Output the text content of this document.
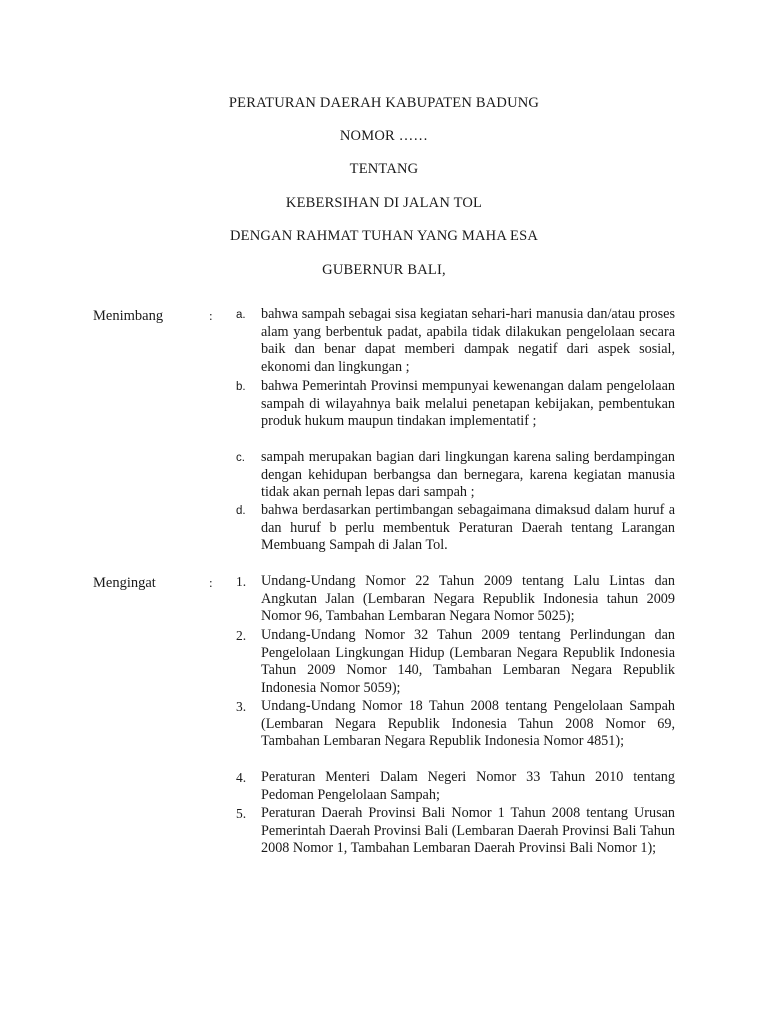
PERATURAN DAERAH KABUPATEN BADUNG
NOMOR ……
TENTANG
KEBERSIHAN DI JALAN TOL
DENGAN RAHMAT TUHAN YANG MAHA ESA
GUBERNUR BALI,
Menimbang	: a. bahwa sampah sebagai sisa kegiatan sehari-hari manusia dan/atau proses alam yang berbentuk padat, apabila tidak dilakukan pengelolaan secara baik dan benar dapat memberi dampak negatif dari aspek sosial, ekonomi dan lingkungan ;
b. bahwa Pemerintah Provinsi mempunyai kewenangan dalam pengelolaan sampah di wilayahnya baik melalui penetapan kebijakan, pembentukan produk hukum maupun tindakan implementatif ;
c. sampah merupakan bagian dari lingkungan karena saling berdampingan dengan kehidupan berbangsa dan bernegara, karena kegiatan manusia tidak akan pernah lepas dari sampah ;
d. bahwa berdasarkan pertimbangan sebagaimana dimaksud dalam huruf a dan huruf b perlu membentuk Peraturan Daerah tentang Larangan Membuang Sampah di Jalan Tol.
Mengingat	: 1. Undang-Undang Nomor 22 Tahun 2009 tentang Lalu Lintas dan Angkutan Jalan (Lembaran Negara Republik Indonesia tahun 2009 Nomor 96, Tambahan Lembaran Negara Nomor 5025);
2. Undang-Undang Nomor 32 Tahun 2009 tentang Perlindungan dan Pengelolaan Lingkungan Hidup (Lembaran Negara Republik Indonesia Tahun 2009 Nomor 140, Tambahan Lembaran Negara Republik Indonesia Nomor 5059);
3. Undang-Undang Nomor 18 Tahun 2008 tentang Pengelolaan Sampah (Lembaran Negara Republik Indonesia Tahun 2008 Nomor 69, Tambahan Lembaran Negara Republik Indonesia Nomor 4851);
4. Peraturan Menteri Dalam Negeri Nomor 33 Tahun 2010 tentang Pedoman Pengelolaan Sampah;
5. Peraturan Daerah Provinsi Bali Nomor 1 Tahun 2008 tentang Urusan Pemerintah Daerah Provinsi Bali (Lembaran Daerah Provinsi Bali Tahun 2008 Nomor 1, Tambahan Lembaran Daerah Provinsi Bali Nomor 1);
